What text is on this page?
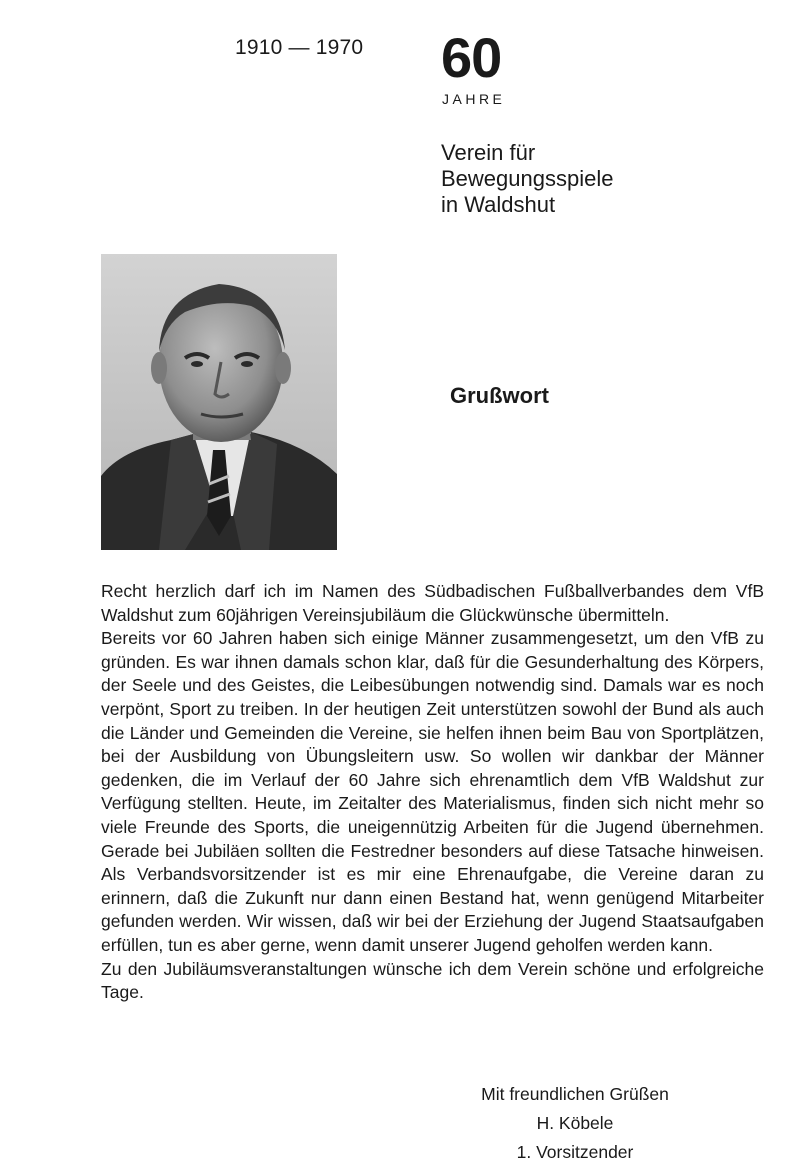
1910 — 1970 60
JAHRE
Verein für
Bewegungsspiele
in Waldshut
Grußwort

Recht herzlich darf ich im Namen des Südbadischen Fußballverbandes dem VfB Waldshut zum 60jährigen Vereinsjubiläum die Glückwünsche übermitteln.

Bereits vor 60 Jahren haben sich einige Männer zusammengesetzt, um den VfB zu gründen. Es war ihnen damals schon klar, daß für die Gesunderhaltung des Körpers, der Seele und des Geistes, die Leibesübungen notwendig sind. Damals war es noch verpönt, Sport zu treiben. In der heutigen Zeit unterstützen sowohl der Bund als auch die Länder und Gemeinden die Vereine, sie helfen ihnen beim Bau von Sportplätzen, bei der Ausbildung von Übungsleitern usw. So wollen wir dankbar der Männer gedenken, die im Verlauf der 60 Jahre sich ehrenamtlich dem VfB Waldshut zur Verfügung stellten. Heute, im Zeitalter des Materialismus, finden sich nicht mehr so viele Freunde des Sports, die uneigennützig Arbeiten für die Jugend übernehmen. Gerade bei Jubiläen sollten die Festredner besonders auf diese Tatsache hinweisen. Als Verbandsvorsitzender ist es mir eine Ehrenaufgabe, die Vereine daran zu erinnern, daß die Zukunft nur dann einen Bestand hat, wenn genügend Mitarbeiter gefunden werden. Wir wissen, daß wir bei der Erziehung der Jugend Staatsaufgaben erfüllen, tun es aber gerne, wenn damit unserer Jugend geholfen werden kann.

Zu den Jubiläumsveranstaltungen wünsche ich dem Verein schöne und erfolgreiche Tage.

Mit freundlichen Grüßen
H. Köbele
1. Vorsitzender
